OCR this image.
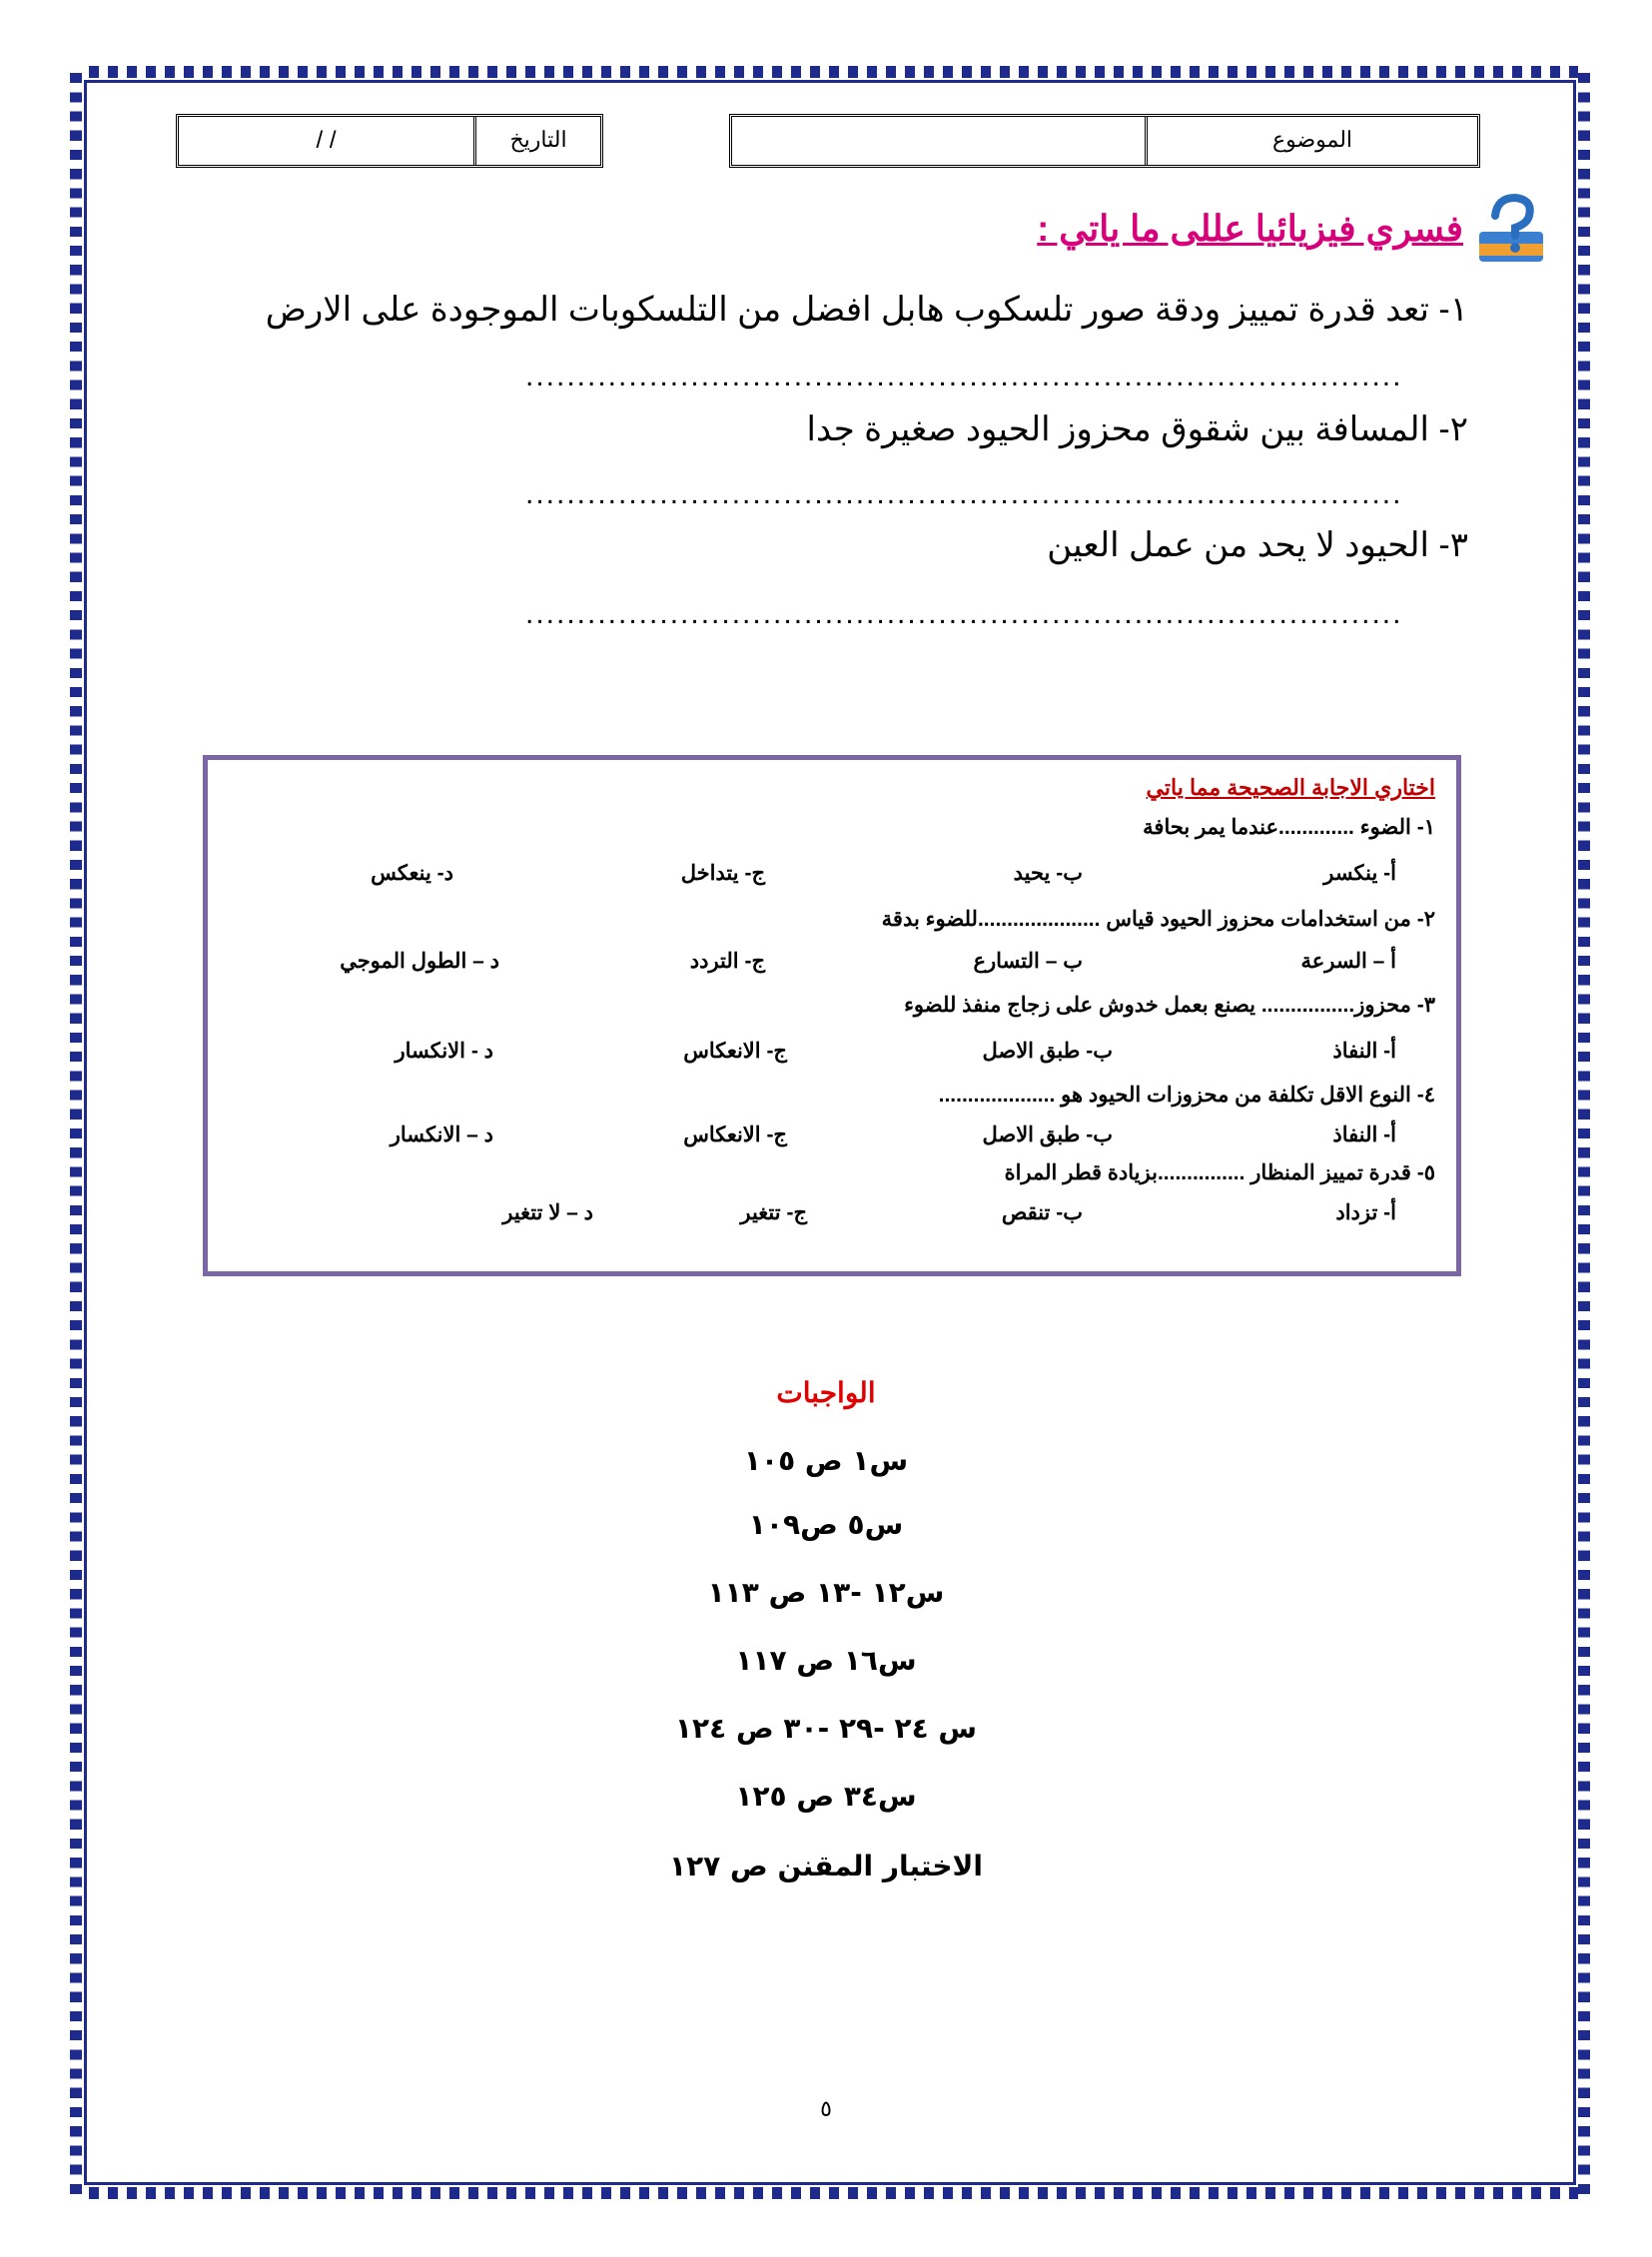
الموضوع
التاريخ
/ /
فسري فيزيائيا عللى ما ياتي :
١- تعد قدرة تمييز ودقة صور تلسكوب هابل افضل من التلسكوبات الموجودة على الارض
.....................................................................................
٢- المسافة بين شقوق محزوز الحيود صغيرة جدا
.....................................................................................
٣- الحيود لا يحد من عمل العين
.....................................................................................
اختاري الاجابة الصحيحة مما ياتي
١- الضوء .............عندما يمر بحافة
أ- ينكسر
ب- يحيد
ج- يتداخل
د- ينعكس
٢- من استخدامات محزوز الحيود قياس .....................للضوء بدقة
أ – السرعة
ب – التسارع
ج- التردد
د – الطول الموجي
٣- محزوز................ يصنع بعمل خدوش على زجاج منفذ للضوء
أ- النفاذ
ب- طبق الاصل
ج- الانعكاس
د - الانكسار
٤- النوع الاقل تكلفة من محزوزات الحيود هو ....................
أ- النفاذ
ب- طبق الاصل
ج- الانعكاس
د – الانكسار
٥- قدرة تمييز المنظار ...............بزيادة قطر المراة
أ- تزداد
ب- تنقص
ج- تتغير
د – لا تتغير
الواجبات
س١ ص ١٠٥
س٥ ص١٠٩
س١٢ -١٣ ص ١١٣
س١٦ ص ١١٧
س ٢٤ -٢٩ -٣٠ ص ١٢٤
س٣٤ ص ١٢٥
الاختبار المقنن ص ١٢٧
٥
